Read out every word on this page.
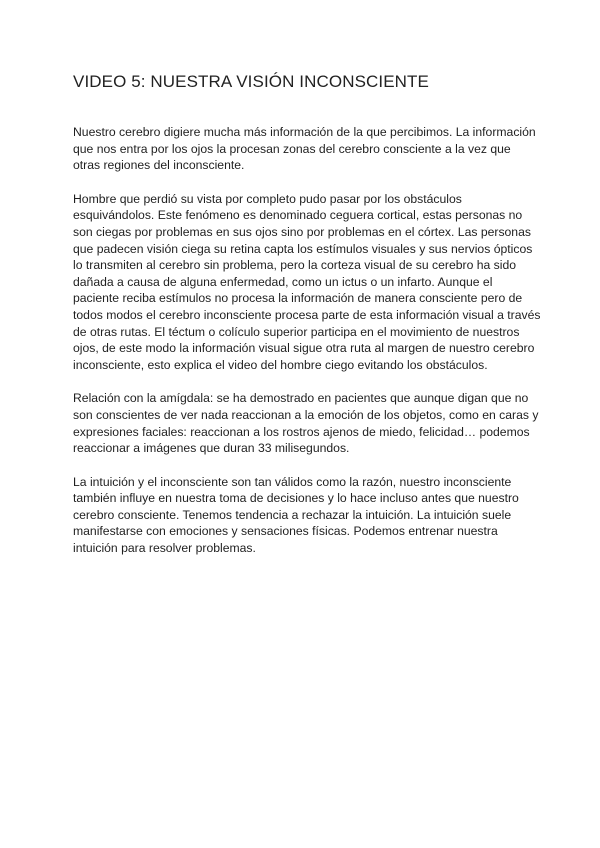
VIDEO 5: NUESTRA VISIÓN INCONSCIENTE

Nuestro cerebro digiere mucha más información de la que percibimos. La información que nos entra por los ojos la procesan zonas del cerebro consciente a la vez que otras regiones del inconsciente.

Hombre que perdió su vista por completo pudo pasar por los obstáculos esquivándolos. Este fenómeno es denominado ceguera cortical, estas personas no son ciegas por problemas en sus ojos sino por problemas en el córtex. Las personas que padecen visión ciega su retina capta los estímulos visuales y sus nervios ópticos lo transmiten al cerebro sin problema, pero la corteza visual de su cerebro ha sido dañada a causa de alguna enfermedad, como un ictus o un infarto. Aunque el paciente reciba estímulos no procesa la información de manera consciente pero de todos modos el cerebro inconsciente procesa parte de esta información visual a través de otras rutas. El téctum o colículo superior participa en el movimiento de nuestros ojos, de este modo la información visual sigue otra ruta al margen de nuestro cerebro inconsciente, esto explica el video del hombre ciego evitando los obstáculos.

Relación con la amígdala: se ha demostrado en pacientes que aunque digan que no son conscientes de ver nada reaccionan a la emoción de los objetos, como en caras y expresiones faciales: reaccionan a los rostros ajenos de miedo, felicidad… podemos reaccionar a imágenes que duran 33 milisegundos.

La intuición y el inconsciente son tan válidos como la razón, nuestro inconsciente también influye en nuestra toma de decisiones y lo hace incluso antes que nuestro cerebro consciente. Tenemos tendencia a rechazar la intuición. La intuición suele manifestarse con emociones y sensaciones físicas. Podemos entrenar nuestra intuición para resolver problemas.
